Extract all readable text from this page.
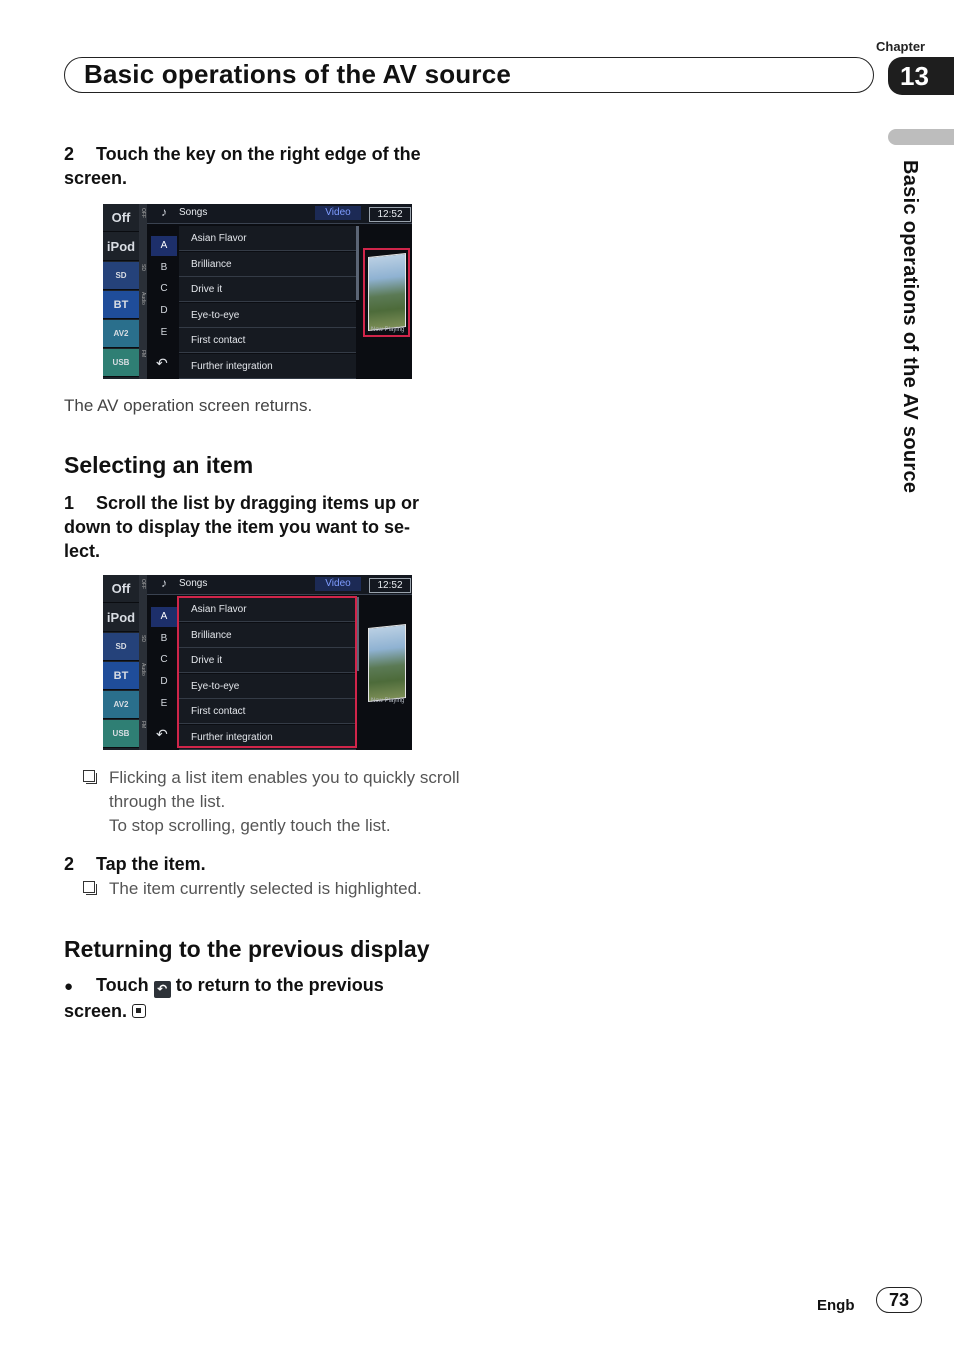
Basic operations of the AV source
Chapter
13
Basic operations of the AV source
2 Touch the key on the right edge of the screen.
Off
iPod
SD
BT
AV2
USB
OFF
SD
Audio
FM
♪ Songs	Video	12:52
A
B
C
D
E
↶
Asian Flavor
Brilliance
Drive it
Eye-to-eye
First contact
Further integration
Now Playing
The AV operation screen returns.
Selecting an item
1 Scroll the list by dragging items up or down to display the item you want to se-lect.
Off
iPod
SD
BT
AV2
USB
OFF
SD
Audio
FM
♪ Songs	Video	12:52
A
B
C
D
E
↶
Asian Flavor
Brilliance
Drive it
Eye-to-eye
First contact
Further integration
Now Playing
Flicking a list item enables you to quickly scroll through the list.
To stop scrolling, gently touch the list.
2 Tap the item.
The item currently selected is highlighted.
Returning to the previous display
● Touch ↶ to return to the previous screen.
Engb	73
